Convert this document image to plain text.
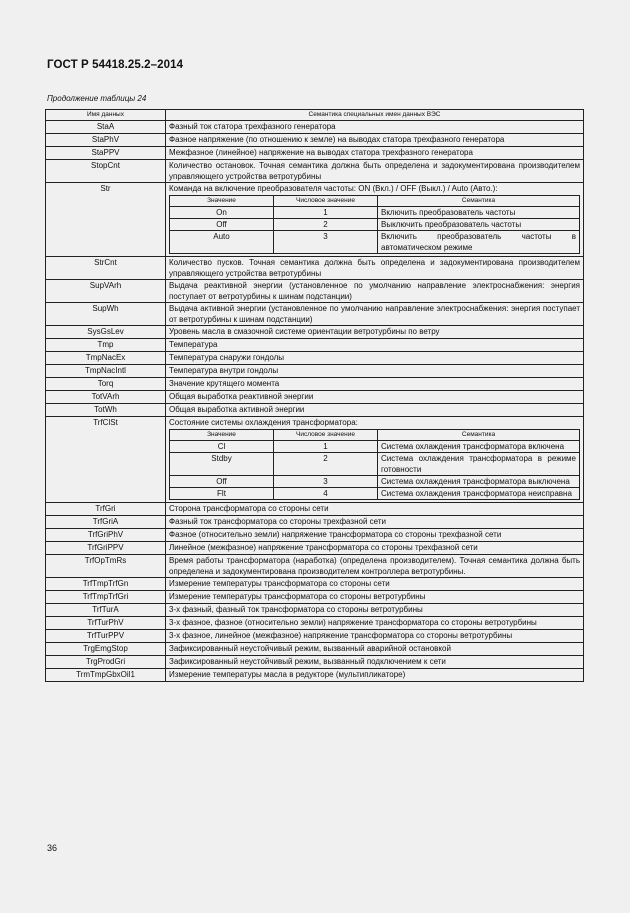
ГОСТ Р 54418.25.2–2014
Продолжение таблицы 24
Имя данных	Семантика специальных имен данных ВЭС
StaA	Фазный ток статора трехфазного генератора

StaPhV	Фазное напряжение (по отношению к земле) на выводах статора трехфазного генератора

StaPPV	Межфазное (линейное) напряжение на выводах статора трехфазного генератора

StopCnt	Количество остановок. Точная семантика должна быть определена и задокументирована производителем управляющего устройства ветротурбины

Str	Команда на включение преобразователя частоты: ON (Вкл.) / OFF (Выкл.) / Auto (Авто.):
Значение	Числовое значение	Семантика
On	1	Включить преобразователь частоты
Off	2	Выключить преобразователь частоты
Auto	3	Включить преобразователь частоты в автоматическом режиме

StrCnt	Количество пусков. Точная семантика должна быть определена и задокументирована производителем управляющего устройства ветротурбины

SupVArh	Выдача реактивной энергии (установленное по умолчанию направление электроснабжения: энергия поступает от ветротурбины к шинам подстанции)

SupWh	Выдача активной энергии (установленное по умолчанию направление электроснабжения: энергия поступает от ветротурбины к шинам подстанции)

SysGsLev	Уровень масла в смазочной системе ориентации ветротурбины по ветру

Tmp	Температура

TmpNacEx	Температура снаружи гондолы

TmpNacIntl	Температура внутри гондолы

Torq	Значение крутящего момента

TotVArh	Общая выработка реактивной энергии

TotWh	Общая выработка активной энергии

TrfClSt	Состояние системы охлаждения трансформатора:
Значение	Числовое значение	Семантика
Cl	1	Система охлаждения трансформатора включена
Stdby	2	Система охлаждения трансформатора в режиме готовности
Off	3	Система охлаждения трансформатора выключена
Flt	4	Система охлаждения трансформатора неисправна

TrfGri	Сторона трансформатора со стороны сети

TrfGriA	Фазный ток трансформатора со стороны трехфазной сети

TrfGriPhV	Фазное (относительно земли) напряжение трансформатора со стороны трехфазной сети

TrfGriPPV	Линейное (межфазное) напряжение трансформатора со стороны трехфазной сети

TrfOpTmRs	Время работы трансформатора (наработка) (определена производителем). Точная семантика должна быть определена и задокументирована производителем контроллера ветротурбины.

TrfTmpTrfGn	Измерение температуры трансформатора со стороны сети

TrfTmpTrfGri	Измерение температуры трансформатора со стороны ветротурбины

TrfTurA	3-х фазный, фазный ток трансформатора со стороны ветротурбины

TrfTurPhV	3-х фазное, фазное (относительно земли) напряжение трансформатора со стороны ветротурбины

TrfTurPPV	3-х фазное, линейное (межфазное) напряжение трансформатора со стороны ветротурбины

TrgEmgStop	Зафиксированный неустойчивый режим, вызванный аварийной остановкой

TrgProdGri	Зафиксированный неустойчивый режим, вызванный подключением к сети

TrmTmpGbxOil1	Измерение температуры масла в редукторе (мультипликаторе)
36
